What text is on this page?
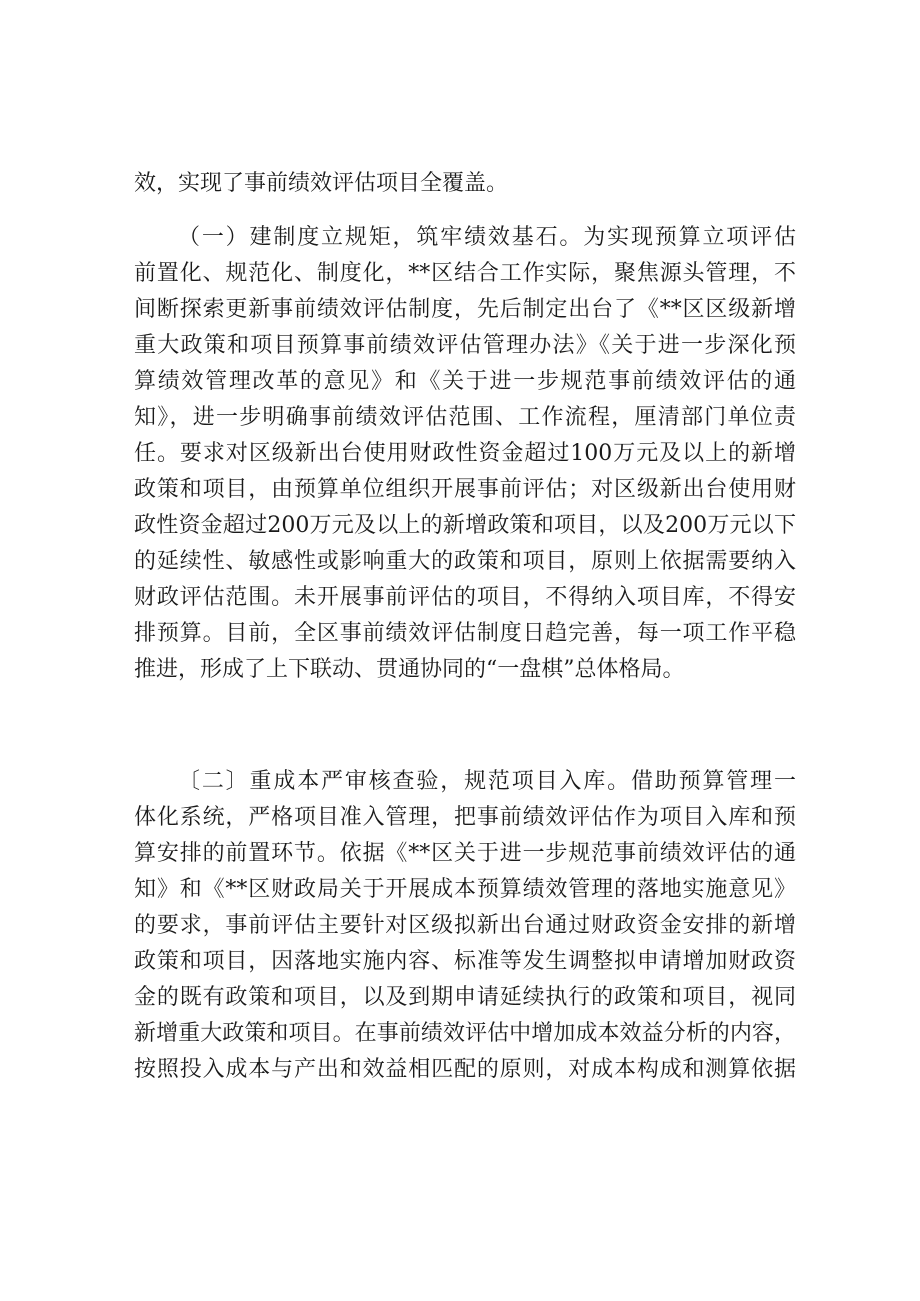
效，实现了事前绩效评估项目全覆盖。
（一）建制度立规矩，筑牢绩效基石。为实现预算立项评估
前置化、规范化、制度化，**区结合工作实际，聚焦源头管理，不
间断探索更新事前绩效评估制度，先后制定出台了《**区区级新增
重大政策和项目预算事前绩效评估管理办法》《关于进一步深化预
算绩效管理改革的意见》和《关于进一步规范事前绩效评估的通
知》，进一步明确事前绩效评估范围、工作流程，厘清部门单位责
任。要求对区级新出台使用财政性资金超过100万元及以上的新增
政策和项目，由预算单位组织开展事前评估；对区级新出台使用财
政性资金超过200万元及以上的新增政策和项目，以及200万元以下
的延续性、敏感性或影响重大的政策和项目，原则上依据需要纳入
财政评估范围。未开展事前评估的项目，不得纳入项目库，不得安
排预算。目前，全区事前绩效评估制度日趋完善，每一项工作平稳
推进，形成了上下联动、贯通协同的“一盘棋”总体格局。
〔二〕重成本严审核查验，规范项目入库。借助预算管理一
体化系统，严格项目准入管理，把事前绩效评估作为项目入库和预
算安排的前置环节。依据《**区关于进一步规范事前绩效评估的通
知》和《**区财政局关于开展成本预算绩效管理的落地实施意见》
的要求，事前评估主要针对区级拟新出台通过财政资金安排的新增
政策和项目，因落地实施内容、标准等发生调整拟申请增加财政资
金的既有政策和项目，以及到期申请延续执行的政策和项目，视同
新增重大政策和项目。在事前绩效评估中增加成本效益分析的内容，
按照投入成本与产出和效益相匹配的原则，对成本构成和测算依据
